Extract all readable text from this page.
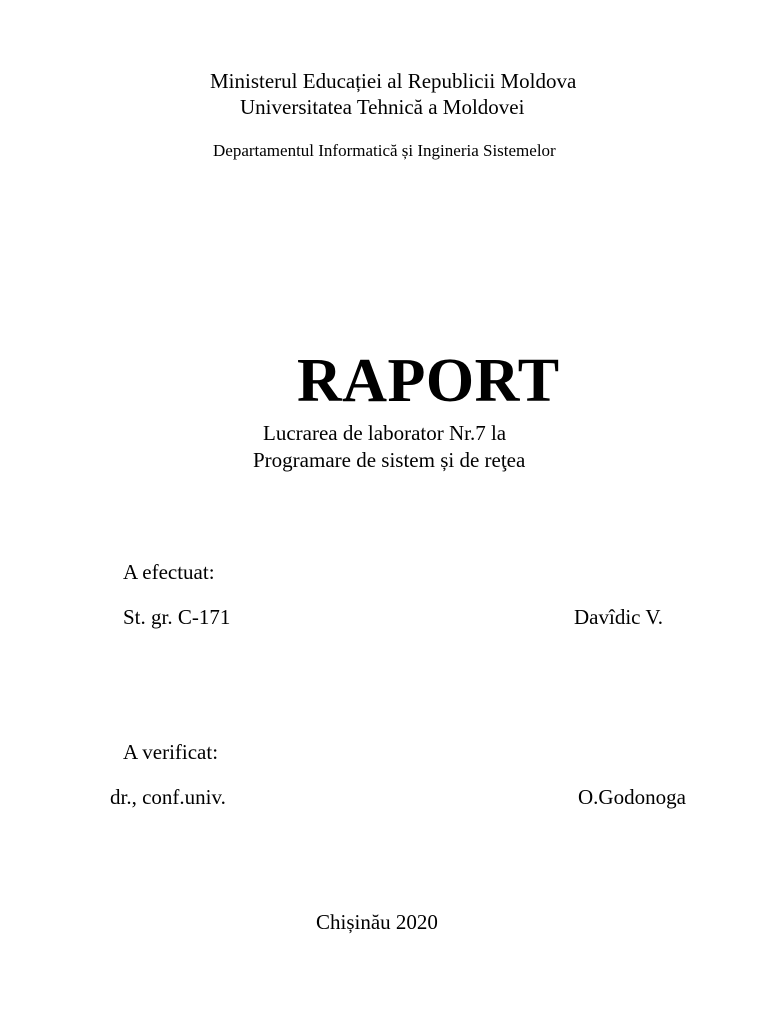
Ministerul Educației al Republicii Moldova
Universitatea Tehnică a Moldovei
Departamentul Informatică și Ingineria Sistemelor
RAPORT
Lucrarea de laborator Nr.7 la
Programare de sistem și de reţea
A efectuat:
St. gr. C-171	Davîdic V.
A verificat:
dr., conf.univ.	O.Godonoga
Chișinău 2020
